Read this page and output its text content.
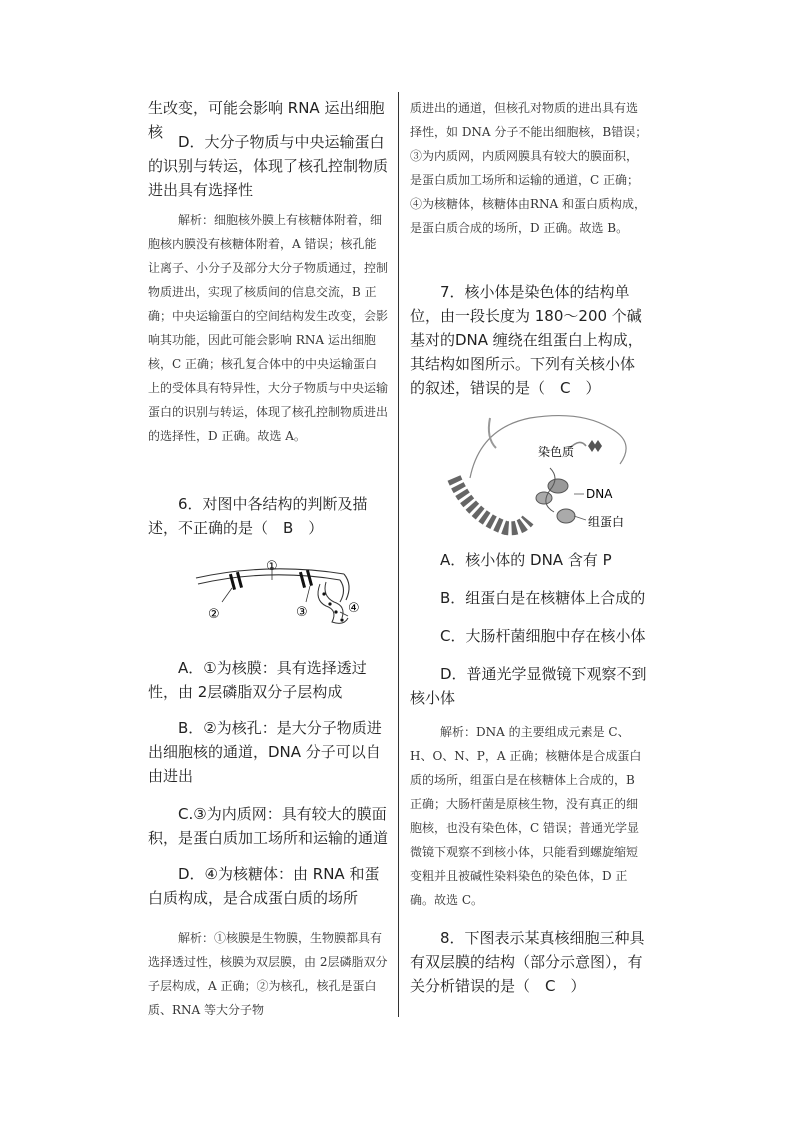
生改变，可能会影响 RNA 运出细胞核

D．大分子物质与中央运输蛋白的识别与转运，体现了核孔控制物质进出具有选择性

解析：细胞核外膜上有核糖体附着，细胞核内膜没有核糖体附着，A 错误；核孔能让离子、小分子及部分大分子物质通过，控制物质进出，实现了核质间的信息交流，B 正确；中央运输蛋白的空间结构发生改变，会影响其功能，因此可能会影响 RNA 运出细胞核，C 正确；核孔复合体中的中央运输蛋白上的受体具有特异性，大分子物质与中央运输蛋白的识别与转运，体现了核孔控制物质进出的选择性，D 正确。故选 A。

6．对图中各结构的判断及描述，不正确的是（　B　）

①
②	③	④

A．①为核膜：具有选择透过性，由 2层磷脂双分子层构成

B．②为核孔：是大分子物质进出细胞核的通道，DNA 分子可以自由进出

C.③为内质网：具有较大的膜面积，是蛋白质加工场所和运输的通道

D．④为核糖体：由 RNA 和蛋白质构成，是合成蛋白质的场所

解析：①核膜是生物膜，生物膜都具有选择透过性，核膜为双层膜，由 2层磷脂双分子层构成，A 正确；②为核孔，核孔是蛋白质、RNA 等大分子物

质进出的通道，但核孔对物质的进出具有选择性，如 DNA 分子不能出细胞核，B错误；③为内质网，内质网膜具有较大的膜面积，是蛋白质加工场所和运输的通道，C 正确；④为核糖体，核糖体由RNA 和蛋白质构成，是蛋白质合成的场所，D 正确。故选 B。

7．核小体是染色体的结构单位，由一段长度为 180～200 个碱基对的DNA 缠绕在组蛋白上构成，其结构如图所示。下列有关核小体的叙述，错误的是（　C　）

染色质
DNA
组蛋白

A．核小体的 DNA 含有 P

B．组蛋白是在核糖体上合成的

C．大肠杆菌细胞中存在核小体

D．普通光学显微镜下观察不到核小体

解析：DNA 的主要组成元素是 C、H、O、N、P，A 正确；核糖体是合成蛋白质的场所，组蛋白是在核糖体上合成的，B 正确；大肠杆菌是原核生物，没有真正的细胞核，也没有染色体，C 错误；普通光学显微镜下观察不到核小体，只能看到螺旋缩短变粗并且被碱性染料染色的染色体，D 正确。故选 C。

8．下图表示某真核细胞三种具有双层膜的结构（部分示意图），有关分析错误的是（　C　）
